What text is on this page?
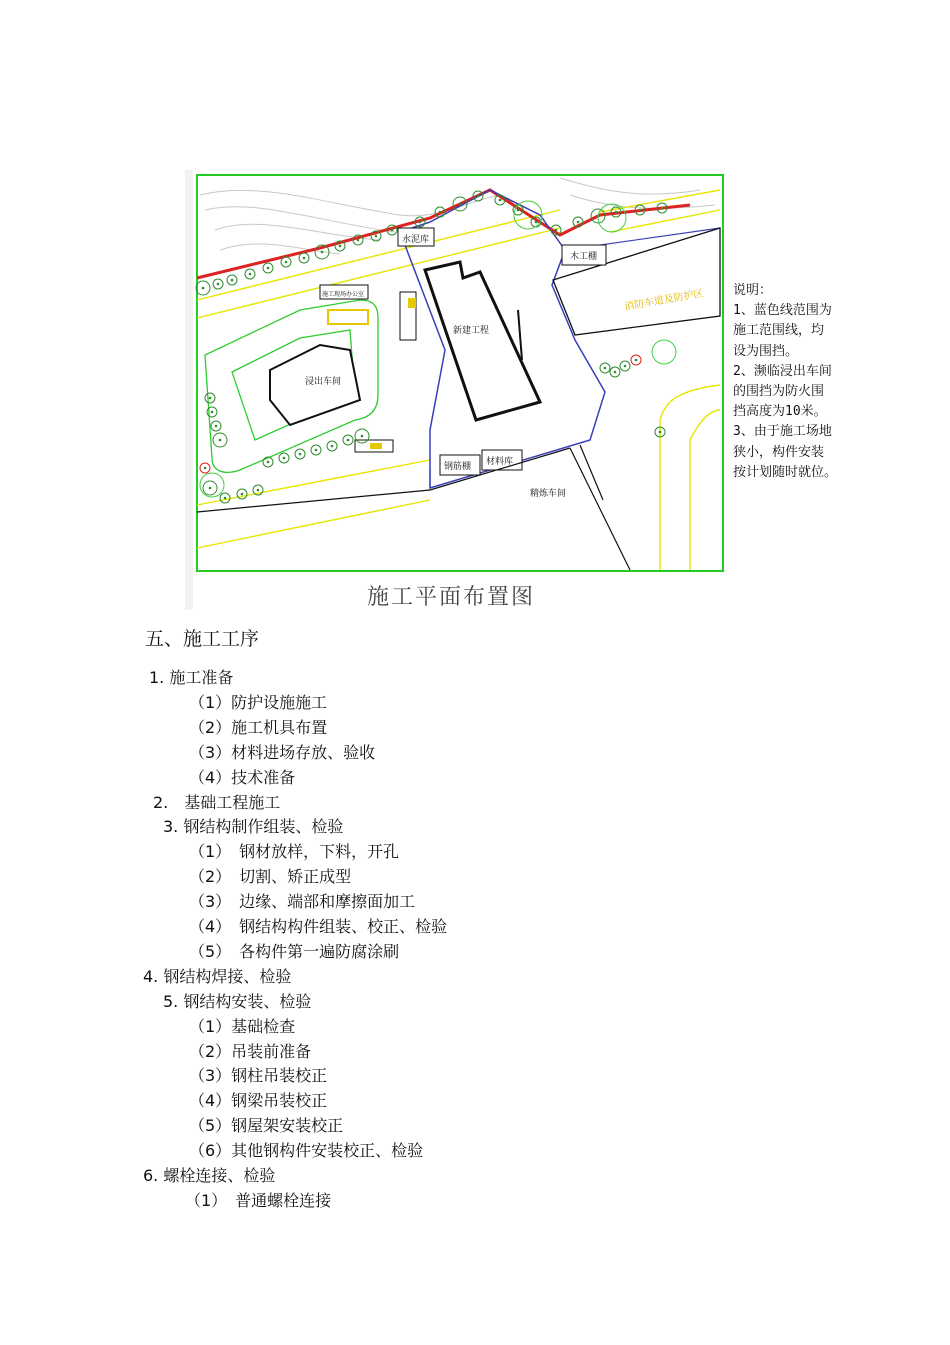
消防车道及防护区
水泥库
木工棚
施工现场办公室
浸出车间
新建工程
钢筋棚 材料库
精炼车间
施工平面布置图
说明：
1、蓝色线范围为
施工范围线，均
设为围挡。
2、濒临浸出车间
的围挡为防火围
挡高度为10米。
3、由于施工场地
狭小，构件安装
按计划随时就位。
五、施工工序
1. 施工准备
（1）防护设施施工
（2）施工机具布置
（3）材料进场存放、验收
（4）技术准备
2.　基础工程施工
3. 钢结构制作组装、检验
（1）　钢材放样，下料，开孔
（2）　切割、矫正成型
（3）　边缘、端部和摩擦面加工
（4）　钢结构构件组装、校正、检验
（5）　各构件第一遍防腐涂刷
4. 钢结构焊接、检验
5. 钢结构安装、检验
（1）基础检查
（2）吊装前准备
（3）钢柱吊装校正
（4）钢梁吊装校正
（5）钢屋架安装校正
（6）其他钢构件安装校正、检验
6. 螺栓连接、检验
（1）　普通螺栓连接
